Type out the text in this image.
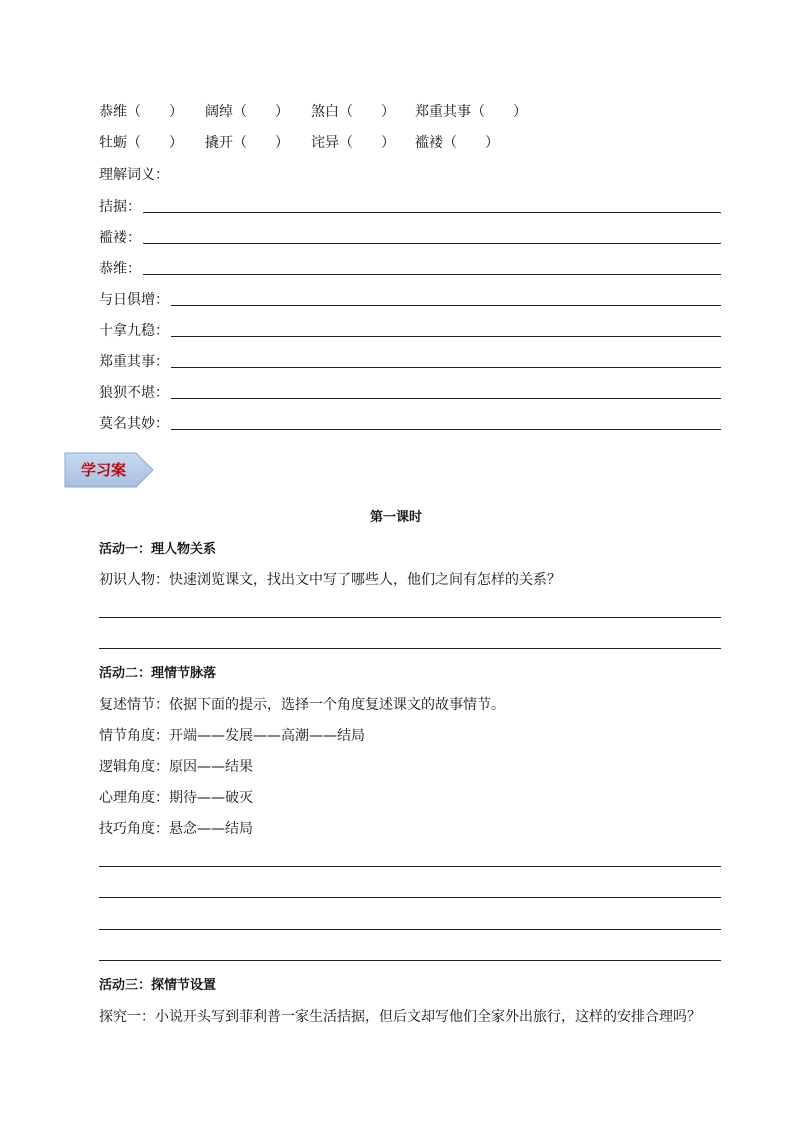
恭维（　　） 阔绰（　　） 煞白（　　） 郑重其事（　　）
牡蛎（　　） 撬开（　　） 诧异（　　） 褴褛（　　）
理解词义：
拮据：
褴褛：
恭维：
与日俱增：
十拿九稳：
郑重其事：
狼狈不堪：
莫名其妙：
学习案
第一课时
活动一：理人物关系
初识人物：快速浏览课文，找出文中写了哪些人，他们之间有怎样的关系？
活动二：理情节脉落
复述情节：依据下面的提示，选择一个角度复述课文的故事情节。
情节角度：开端——发展——高潮——结局
逻辑角度：原因——结果
心理角度：期待——破灭
技巧角度：悬念——结局
活动三：探情节设置
探究一：小说开头写到菲利普一家生活拮据，但后文却写他们全家外出旅行，这样的安排合理吗？
